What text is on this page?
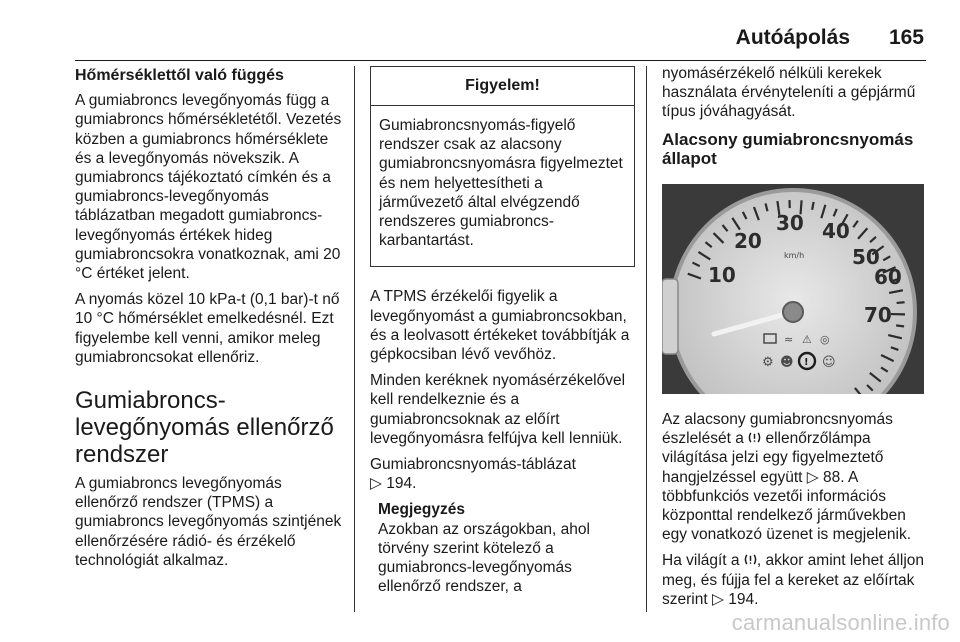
Autóápolás 165
Hőmérséklettől való függés

A gumiabroncs levegőnyomás függ a gumiabroncs hőmérsékletétől. Vezetés közben a gumiabroncs hőmérséklete és a levegőnyomás növekszik. A gumiabroncs tájékoztató címkén és a gumiabroncs-levegőnyomás táblázatban megadott gumiabroncs-levegőnyomás értékek hideg gumiabroncsokra vonatkoznak, ami 20 °C értéket jelent.

A nyomás közel 10 kPa-t (0,1 bar)-t nő 10 °C hőmérséklet emelkedésnél. Ezt figyelembe kell venni, amikor meleg gumiabroncsokat ellenőriz.

Gumiabroncs-levegőnyomás ellenőrző rendszer

A gumiabroncs levegőnyomás ellenőrző rendszer (TPMS) a gumiabroncs levegőnyomás szintjének ellenőrzésére rádió- és érzékelő technológiát alkalmaz.

Figyelem!

Gumiabroncsnyomás-figyelő rendszer csak az alacsony gumiabroncsnyomásra figyelmeztet és nem helyettesítheti a járművezető által elvégzendő rendszeres gumiabroncs-karbantartást.

A TPMS érzékelői figyelik a levegőnyomást a gumiabroncsokban, és a leolvasott értékeket továbbítják a gépkocsiban lévő vevőhöz.

Minden keréknek nyomásérzékelővel kell rendelkeznie és a gumiabroncsoknak az előírt levegőnyomásra felfújva kell lenniük.

Gumiabroncsnyomás-táblázat
▷ 194.

Megjegyzés
Azokban az országokban, ahol törvény szerint kötelező a gumiabroncs-levegőnyomás ellenőrző rendszer, a

nyomásérzékelő nélküli kerekek használata érvényteleníti a gépjármű típus jóváhagyását.

Alacsony gumiabroncsnyomás állapot
10
20
30 40
50
60
70
km/h
≈ ⚠ ◎
⚙ ☻ ! ☺

Az alacsony gumiabroncsnyomás észlelését a ellenőrzőlámpa világítása jelzi egy figyelmeztető hangjelzéssel együtt ▷ 88. A többfunkciós vezetői információs központtal rendelkező járművekben egy vonatkozó üzenet is megjelenik.

Ha világít a , akkor amint lehet álljon meg, és fújja fel a kereket az előírtak szerint ▷ 194.

carmanualsonline.info
